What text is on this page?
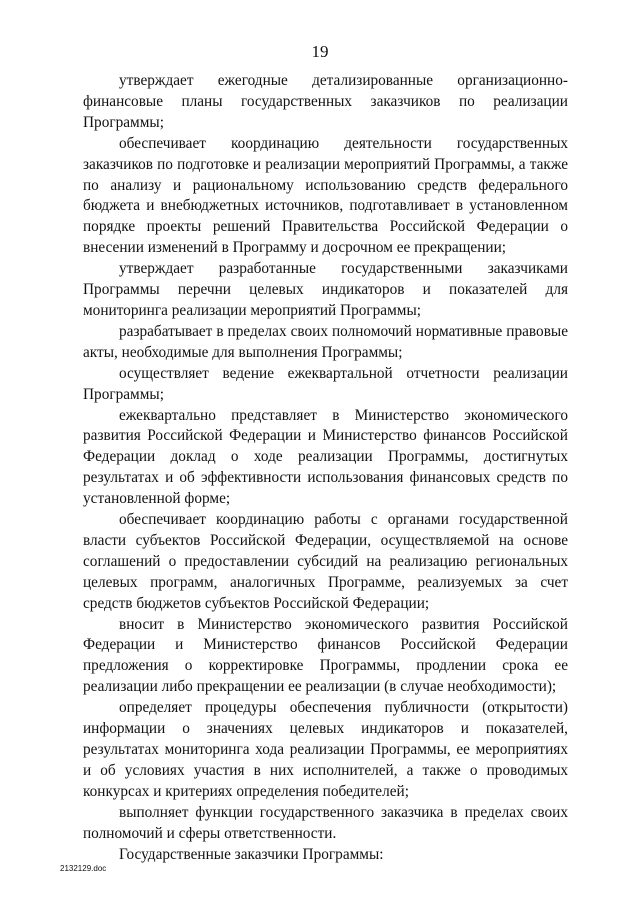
19

утверждает ежегодные детализированные организационно-финансовые планы государственных заказчиков по реализации Программы;

обеспечивает координацию деятельности государственных заказчиков по подготовке и реализации мероприятий Программы, а также по анализу и рациональному использованию средств федерального бюджета и внебюджетных источников, подготавливает в установленном порядке проекты решений Правительства Российской Федерации о внесении изменений в Программу и досрочном ее прекращении;

утверждает разработанные государственными заказчиками Программы перечни целевых индикаторов и показателей для мониторинга реализации мероприятий Программы;

разрабатывает в пределах своих полномочий нормативные правовые акты, необходимые для выполнения Программы;

осуществляет ведение ежеквартальной отчетности реализации Программы;

ежеквартально представляет в Министерство экономического развития Российской Федерации и Министерство финансов Российской Федерации доклад о ходе реализации Программы, достигнутых результатах и об эффективности использования финансовых средств по установленной форме;

обеспечивает координацию работы с органами государственной власти субъектов Российской Федерации, осуществляемой на основе соглашений о предоставлении субсидий на реализацию региональных целевых программ, аналогичных Программе, реализуемых за счет средств бюджетов субъектов Российской Федерации;

вносит в Министерство экономического развития Российской Федерации и Министерство финансов Российской Федерации предложения о корректировке Программы, продлении срока ее реализации либо прекращении ее реализации (в случае необходимости);

определяет процедуры обеспечения публичности (открытости) информации о значениях целевых индикаторов и показателей, результатах мониторинга хода реализации Программы, ее мероприятиях и об условиях участия в них исполнителей, а также о проводимых конкурсах и критериях определения победителей;

выполняет функции государственного заказчика в пределах своих полномочий и сферы ответственности.

Государственные заказчики Программы:

2132129.doc
